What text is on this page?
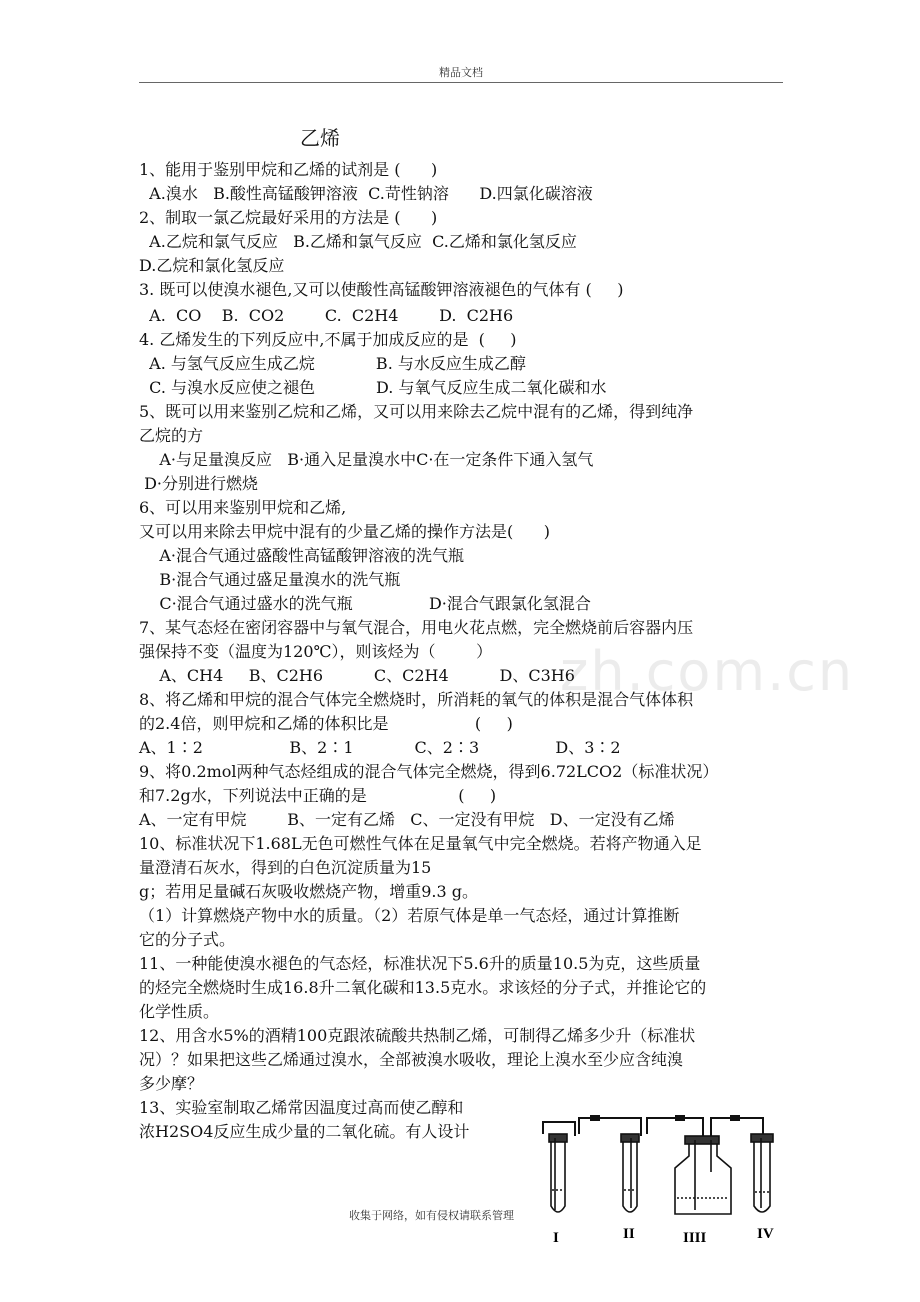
精品文档
zh.com.cn
乙烯
1、能用于鉴别甲烷和乙烯的试剂是 (      )
A.溴水   B.酸性高锰酸钾溶液  C.苛性钠溶      D.四氯化碳溶液
2、制取一氯乙烷最好采用的方法是 (      )
A.乙烷和氯气反应   B.乙烯和氯气反应  C.乙烯和氯化氢反应
D.乙烷和氯化氢反应
3. 既可以使溴水褪色,又可以使酸性高锰酸钾溶液褪色的气体有 (     )
A.  CO    B.  CO2        C.  C2H4        D.  C2H6
4. 乙烯发生的下列反应中,不属于加成反应的是  (     )
A. 与氢气反应生成乙烷            B. 与水反应生成乙醇
C. 与溴水反应使之褪色            D. 与氧气反应生成二氧化碳和水
5、既可以用来鉴别乙烷和乙烯，又可以用来除去乙烷中混有的乙烯，得到纯净
乙烷的方
A·与足量溴反应   B·通入足量溴水中C·在一定条件下通入氢气
D·分别进行燃烧
6、可以用来鉴别甲烷和乙烯,
又可以用来除去甲烷中混有的少量乙烯的操作方法是(      )
A·混合气通过盛酸性高锰酸钾溶液的洗气瓶
B·混合气通过盛足量溴水的洗气瓶
C·混合气通过盛水的洗气瓶               D·混合气跟氯化氢混合
7、某气态烃在密闭容器中与氧气混合，用电火花点燃，完全燃烧前后容器内压
强保持不变（温度为120℃），则该烃为（        ）
A、CH4     B、C2H6          C、C2H4          D、C3H6
8、将乙烯和甲烷的混合气体完全燃烧时，所消耗的氧气的体积是混合气体体积
的2.4倍，则甲烷和乙烯的体积比是                 (     )
A、1∶2                 B、2∶1            C、2∶3               D、3∶2
9、将0.2mol两种气态烃组成的混合气体完全燃烧，得到6.72LCO2（标准状况）
和7.2g水，下列说法中正确的是                  (     )
A、一定有甲烷        B、一定有乙烯   C、一定没有甲烷   D、一定没有乙烯
10、标准状况下1.68L无色可燃性气体在足量氧气中完全燃烧。若将产物通入足
量澄清石灰水，得到的白色沉淀质量为15
g；若用足量碱石灰吸收燃烧产物，增重9.3 g。
（1）计算燃烧产物中水的质量。（2）若原气体是单一气态烃，通过计算推断
它的分子式。
11、一种能使溴水褪色的气态烃，标准状况下5.6升的质量10.5为克，这些质量
的烃完全燃烧时生成16.8升二氧化碳和13.5克水。求该烃的分子式，并推论它的
化学性质。
12、用含水5%的酒精100克跟浓硫酸共热制乙烯，可制得乙烯多少升（标准状
况）？如果把这些乙烯通过溴水，全部被溴水吸收，理论上溴水至少应含纯溴
多少摩？
13、实验室制取乙烯常因温度过高而使乙醇和
浓H2SO4反应生成少量的二氧化硫。有人设计
收集于网络，如有侵权请联系管理
I	II	IIII	IV
